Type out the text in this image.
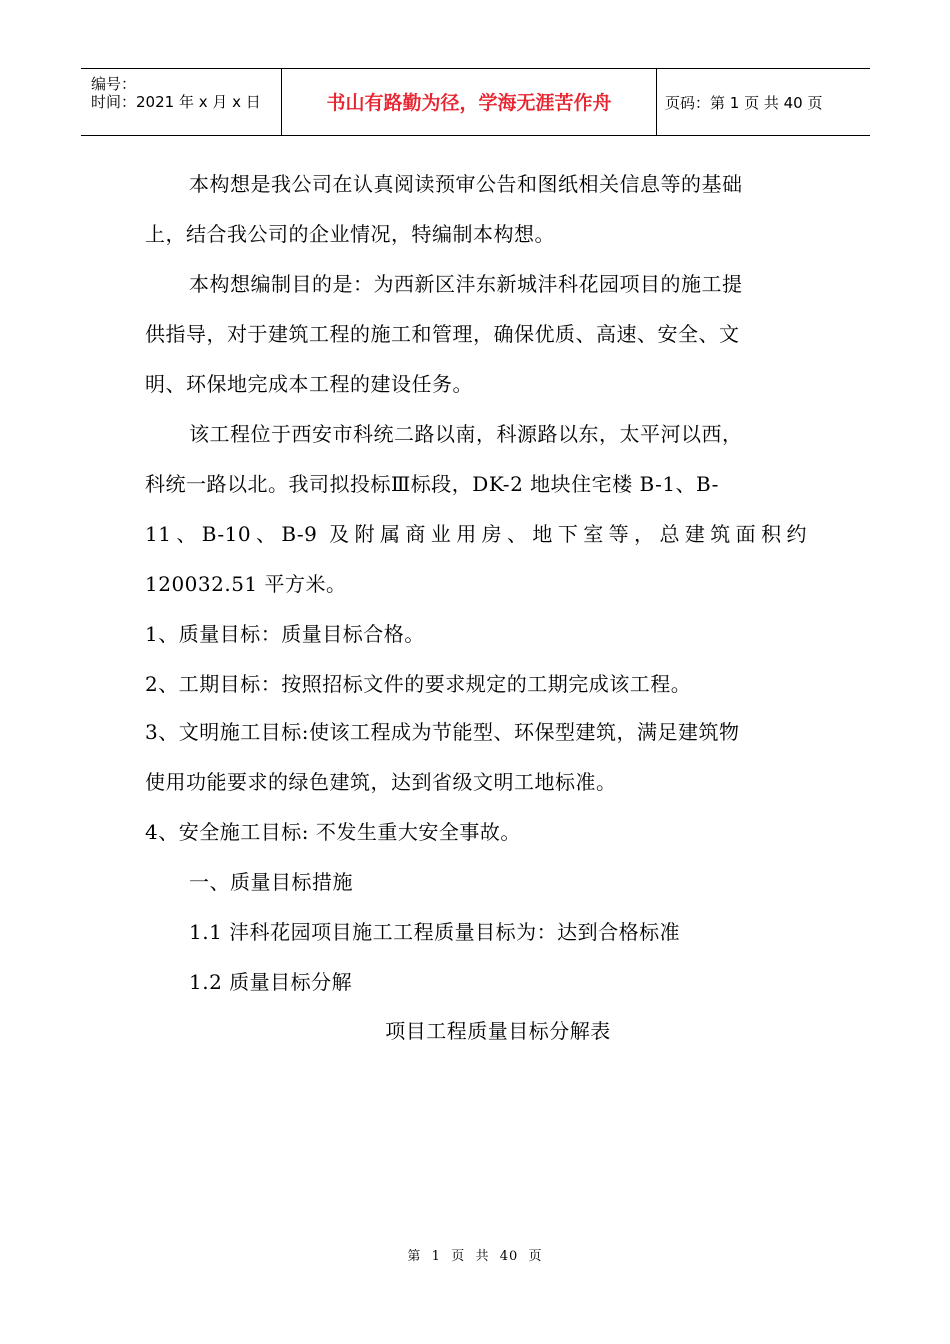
编号：
时间：2021 年 x 月 x 日	书山有路勤为径，学海无涯苦作舟	页码：第 1 页 共 40 页
本构想是我公司在认真阅读预审公告和图纸相关信息等的基础
上，结合我公司的企业情况，特编制本构想。
本构想编制目的是：为西新区沣东新城沣科花园项目的施工提
供指导，对于建筑工程的施工和管理，确保优质、高速、安全、文
明、环保地完成本工程的建设任务。
该工程位于西安市科统二路以南，科源路以东，太平河以西，
科统一路以北。我司拟投标Ⅲ标段，DK-2 地块住宅楼 B-1、B-
11、B-10、B-9 及附属商业用房、地下室等，总建筑面积约
120032.51 平方米。
1、质量目标：质量目标合格。
2、工期目标：按照招标文件的要求规定的工期完成该工程。
3、文明施工目标:使该工程成为节能型、环保型建筑，满足建筑物
使用功能要求的绿色建筑，达到省级文明工地标准。
4、安全施工目标: 不发生重大安全事故。
一、质量目标措施
1.1 沣科花园项目施工工程质量目标为：达到合格标准
1.2 质量目标分解
项目工程质量目标分解表
第  1  页  共  40  页
